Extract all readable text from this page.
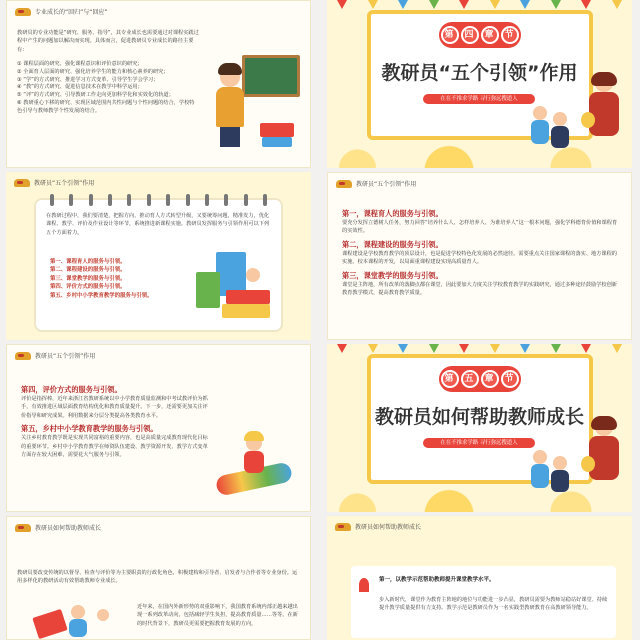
专业成长的“回归”与“回应”
教研员的专业功能是“研究、服务、指导”，其专业成长也需要通过对课程实践过程中产生的问题加以解决而实现。具体而言，促进教研员专业成长的路径主要有：
① 课程层面的研究、强化课程意识和评价意识的研究；
② 全面育人层面的研究、强化培养学生的能力和核心素养的研究；
③ “学”的方式研究、推进学习方式变革、引导学生学会学习；
④ “教”的方式研究、促进信息技术在教学中科学运用；
⑤ “评”的方式研究、引导教研工作走向更加科学化和实效化的轨道；
⑥ 教研重心下移的研究、实现区域范围内共性问题与个性问题的结合，学校特色引导与教师教学个性发展的结合。
第 四 章 节
教研员“五个引领”作用
在在不推求学路 寻行弥远搜道人
教研员“五个引领”作用
在教研过程中，我们要清楚，把握方向、推动育人方式转型升级，又要统筹问题，精准发力，优化课程、教学、评价及作业设计等环节，系统推进新课程实施。教研员发挥服务与引领作用可以下列五个方面着力。
第一、课程育人的服务与引领。
第二、课程建设的服务与引领。
第三、课堂教学的服务与引领。
第四、评价方式的服务与引领。
第五、乡村中小学教育教学的服务与引领。
教研员“五个引领”作用
第一，课程育人的服务与引领。
要充分发挥立德树人任务，努力回答“培养什么人、怎样培养人、为谁培养人”这一根本问题，强化学科德育价值和课程育的实效性。
第二，课程建设的服务与引领。
课程建设是学校教育教学的顶层设计，也是促进学校特色化发展的必然途径。需要重点关注国家课程的落实、地方课程的实施、校本课程的开发，以局面重课程建设实现高质量育人。
第三，课堂教学的服务与引领。
课堂是主阵地，所有改革的落脚点都在课堂，因此要加大力度关注学校教育教学的实践研究，通过多种途径鼓励学校创新教育教学模式，提高教育教学质量。
教研员“五个引领”作用
第四，评价方式的服务与引领。
评价是指挥棒，近年来浙江省教研系统以中小学教育质量监测和中考试教评价为抓手，有效推进区域层面教育结构优化和教育质量提升。下一步，还需要更加关注评价指导和研究成果。利用数据来分层分类提高各类教育水平。
第五，乡村中小学教育教学的服务与引领。
关注乡村教育教学既是实现共同富裕的重要内容，也是高质量完成教育现代化目标的重要环节。乡村中小学教育教学在师资队伍建设、教学资源开发、教学方式变革方面存在较大困难，需要花大气服务与引领。
第 五 章 节
教研员如何帮助教师成长
在在不推求学路 寻行弥远搜道人
教研员如何帮助教师成长
教研员要改变传统的以督导、检查与评价等为主要职责的行政化角色，积极建构和引导者、启发者与合作者等专业身份。运用多样化的教研活动有效帮助教师专业成长。
近年来，在国内外新形势的双重影响下，我国教育系统内部正越来越出现一系列改革动向，包括减轻学生负担，提高教育质量……等等。在新的时代背景下，教研员更需要把握教育发展的方向，
教研员如何帮助教师成长
第一，以教学示范帮助教师提升课堂教学水平。
步入新时代，课堂作为教育主阵地的地位与功能进一步凸显，教研员需要为教师站稳站好课堂、持续提升教学质量提供有力支持。教学示范是教研员作为一名实践型教研教育在高教研领导能力。
